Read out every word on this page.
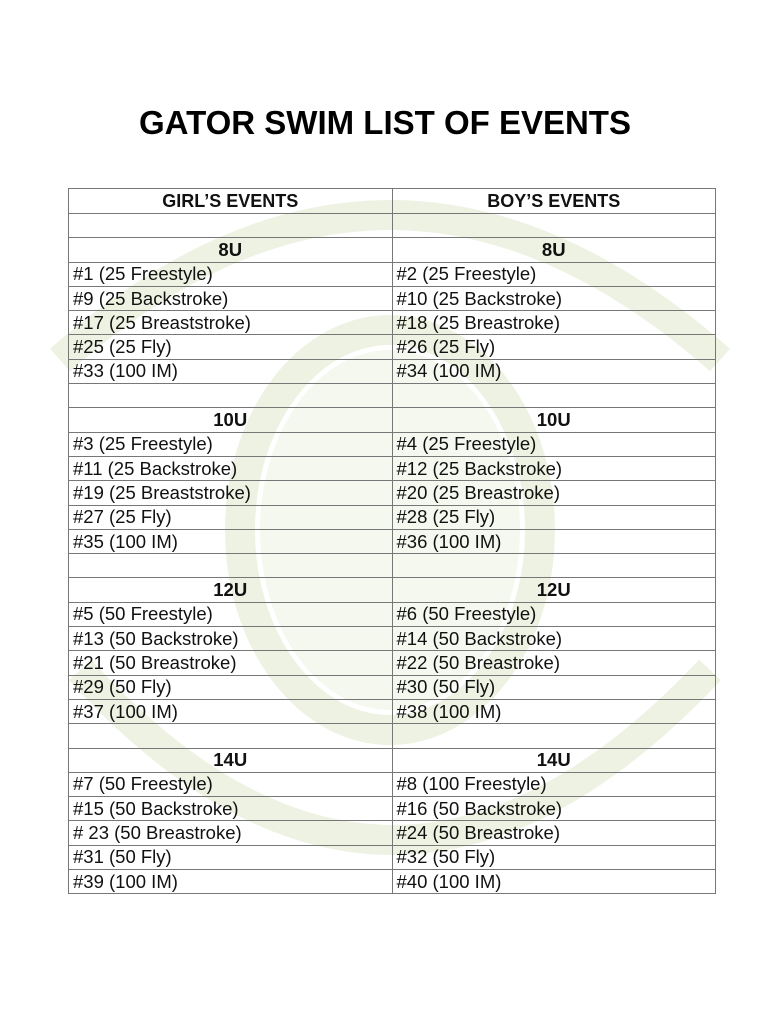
GATOR SWIM LIST OF EVENTS
GIRL’S EVENTS	BOY’S EVENTS

8U	8U
#1 (25 Freestyle)	#2 (25 Freestyle)
#9 (25 Backstroke)	#10 (25 Backstroke)
#17 (25 Breaststroke)	#18 (25 Breastroke)
#25 (25 Fly)	#26 (25 Fly)
#33 (100 IM)	#34 (100 IM)

10U	10U
#3 (25 Freestyle)	#4 (25 Freestyle)
#11 (25 Backstroke)	#12 (25 Backstroke)
#19 (25 Breaststroke)	#20 (25 Breastroke)
#27 (25 Fly)	#28 (25 Fly)
#35 (100 IM)	#36 (100 IM)

12U	12U
#5 (50 Freestyle)	#6 (50 Freestyle)
#13 (50 Backstroke)	#14 (50 Backstroke)
#21 (50 Breastroke)	#22 (50 Breastroke)
#29 (50 Fly)	#30 (50 Fly)
#37 (100 IM)	#38 (100 IM)

14U	14U
#7 (50 Freestyle)	#8 (100 Freestyle)
#15 (50 Backstroke)	#16 (50 Backstroke)
# 23 (50 Breastroke)	#24 (50 Breastroke)
#31 (50 Fly)	#32 (50 Fly)
#39 (100 IM)	#40 (100 IM)
